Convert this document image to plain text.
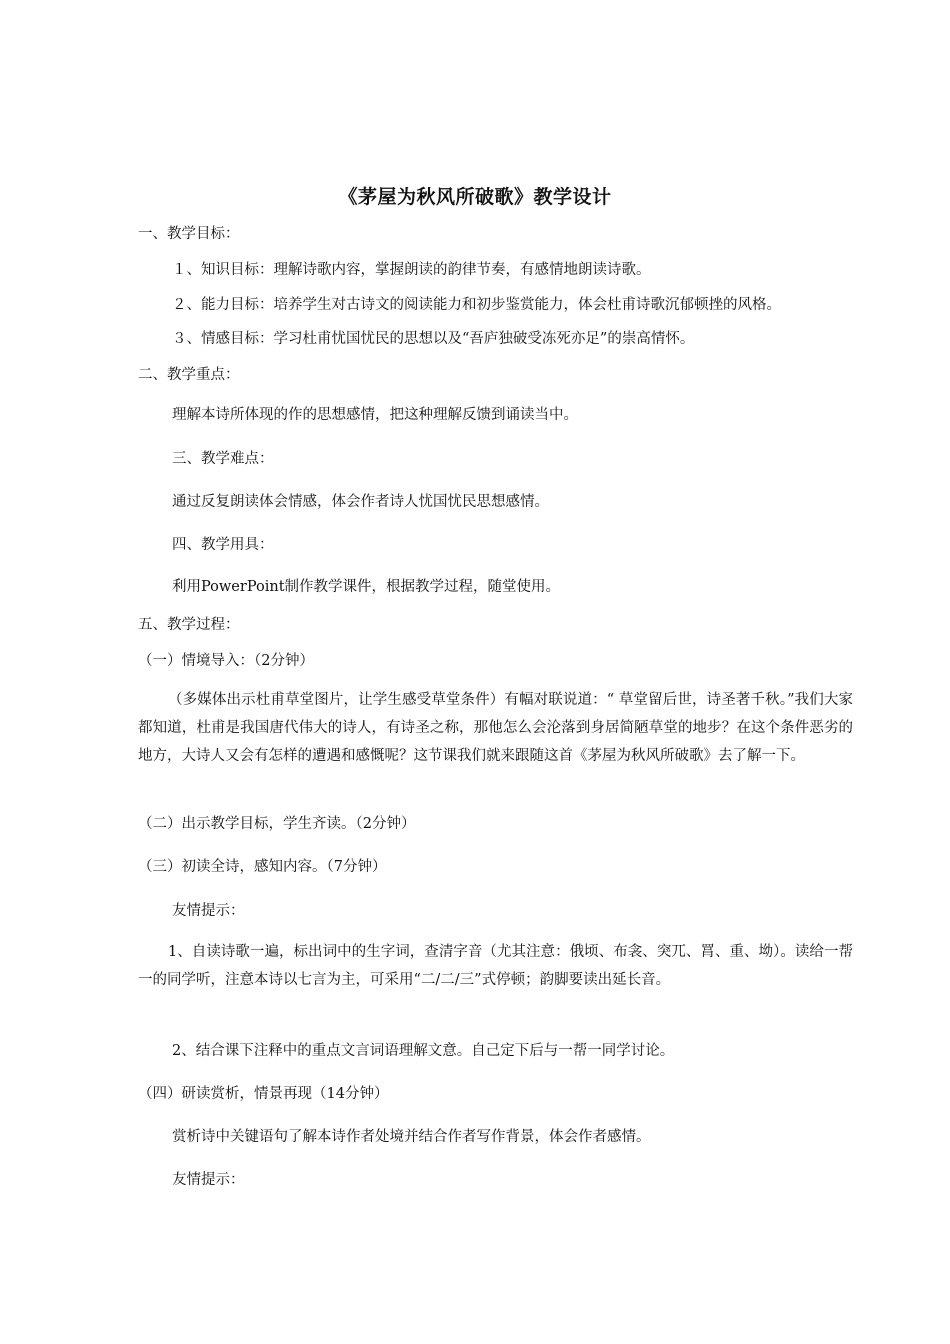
《茅屋为秋风所破歌》教学设计

一、教学目标：

１、知识目标：理解诗歌内容，掌握朗读的韵律节奏，有感情地朗读诗歌。

２、能力目标：培养学生对古诗文的阅读能力和初步鉴赏能力，体会杜甫诗歌沉郁顿挫的风格。

３、情感目标：学习杜甫忧国忧民的思想以及“吾庐独破受冻死亦足”的崇高情怀。

二、教学重点：

理解本诗所体现的作的思想感情，把这种理解反馈到诵读当中。

三、教学难点：

通过反复朗读体会情感，体会作者诗人忧国忧民思想感情。

四、教学用具：

利用PowerPoint制作教学课件，根据教学过程，随堂使用。

五、教学过程：

（一）情境导入：（2分钟）

（多媒体出示杜甫草堂图片，让学生感受草堂条件）有幅对联说道：“ 草堂留后世，诗圣著千秋。”我们大家都知道，杜甫是我国唐代伟大的诗人，有诗圣之称，那他怎么会沦落到身居简陋草堂的地步？在这个条件恶劣的地方，大诗人又会有怎样的遭遇和感慨呢？这节课我们就来跟随这首《茅屋为秋风所破歌》去了解一下。

（二）出示教学目标，学生齐读。（2分钟）

（三）初读全诗，感知内容。（7分钟）

友情提示：

1、自读诗歌一遍，标出词中的生字词，查清字音（尤其注意：俄顷、布衾、突兀、罥、重、坳）。读给一帮一的同学听，注意本诗以七言为主，可采用“二/二/三”式停顿；韵脚要读出延长音。

2、结合课下注释中的重点文言词语理解文意。自己定下后与一帮一同学讨论。

（四）研读赏析，情景再现（14分钟）

赏析诗中关键语句了解本诗作者处境并结合作者写作背景，体会作者感情。

友情提示：
